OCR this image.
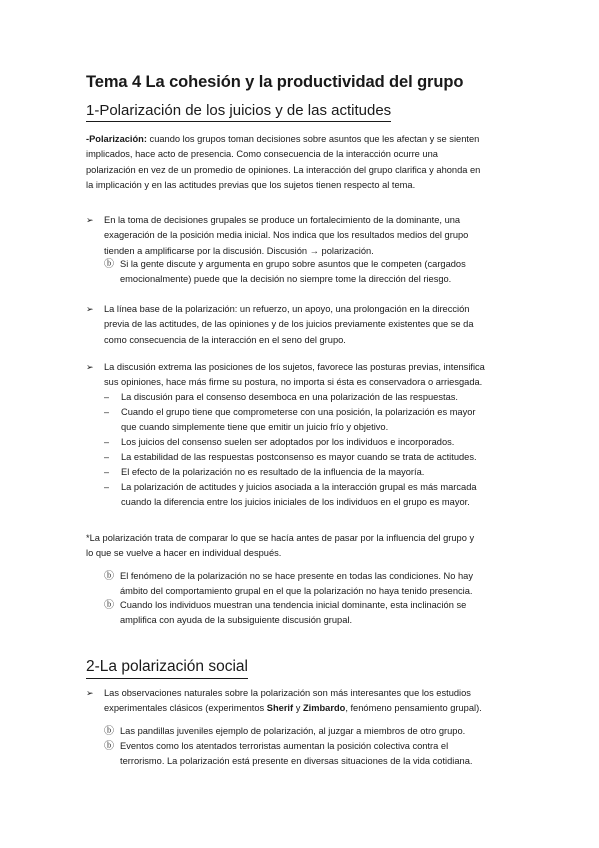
Tema 4 La cohesión y la productividad del grupo
1-Polarización de los juicios y de las actitudes
-Polarización: cuando los grupos toman decisiones sobre asuntos que les afectan y se sienten
implicados, hace acto de presencia. Como consecuencia de la interacción ocurre una
polarización en vez de un promedio de opiniones. La interacción del grupo clarifica y ahonda en
la implicación y en las actitudes previas que los sujetos tienen respecto al tema.
➢ En la toma de decisiones grupales se produce un fortalecimiento de la dominante, una
exageración de la posición media inicial. Nos indica que los resultados medios del grupo
tienden a amplificarse por la discusión. Discusión → polarización.
ⓑ Si la gente discute y argumenta en grupo sobre asuntos que le competen (cargados
emocionalmente) puede que la decisión no siempre tome la dirección del riesgo.
➢ La línea base de la polarización: un refuerzo, un apoyo, una prolongación en la dirección
previa de las actitudes, de las opiniones y de los juicios previamente existentes que se da
como consecuencia de la interacción en el seno del grupo.
➢ La discusión extrema las posiciones de los sujetos, favorece las posturas previas, intensifica
sus opiniones, hace más firme su postura, no importa si ésta es conservadora o arriesgada.
– La discusión para el consenso desemboca en una polarización de las respuestas.
– Cuando el grupo tiene que comprometerse con una posición, la polarización es mayor
que cuando simplemente tiene que emitir un juicio frío y objetivo.
– Los juicios del consenso suelen ser adoptados por los individuos e incorporados.
– La estabilidad de las respuestas postconsenso es mayor cuando se trata de actitudes.
– El efecto de la polarización no es resultado de la influencia de la mayoría.
– La polarización de actitudes y juicios asociada a la interacción grupal es más marcada
cuando la diferencia entre los juicios iniciales de los individuos en el grupo es mayor.
*La polarización trata de comparar lo que se hacía antes de pasar por la influencia del grupo y
lo que se vuelve a hacer en individual después.
ⓑ El fenómeno de la polarización no se hace presente en todas las condiciones. No hay
ámbito del comportamiento grupal en el que la polarización no haya tenido presencia.
ⓑ Cuando los individuos muestran una tendencia inicial dominante, esta inclinación se
amplifica con ayuda de la subsiguiente discusión grupal.
2-La polarización social
➢ Las observaciones naturales sobre la polarización son más interesantes que los estudios
experimentales clásicos (experimentos Sherif y Zimbardo, fenómeno pensamiento grupal).
ⓑ Las pandillas juveniles ejemplo de polarización, al juzgar a miembros de otro grupo.
ⓑ Eventos como los atentados terroristas aumentan la posición colectiva contra el
terrorismo. La polarización está presente en diversas situaciones de la vida cotidiana.
